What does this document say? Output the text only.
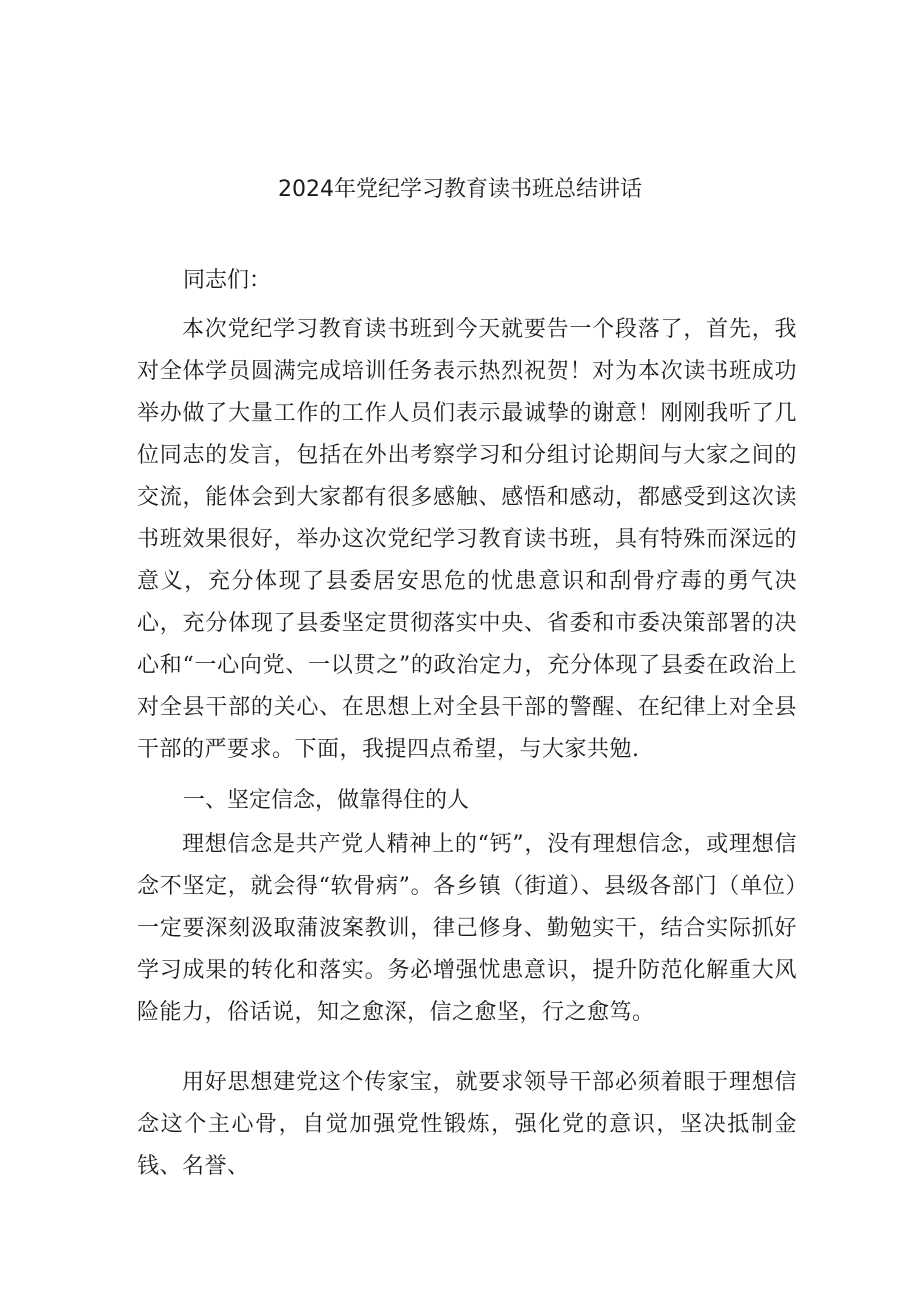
2024年党纪学习教育读书班总结讲话
同志们：

本次党纪学习教育读书班到今天就要告一个段落了，首先，我对全体学员圆满完成培训任务表示热烈祝贺！对为本次读书班成功举办做了大量工作的工作人员们表示最诚挚的谢意！刚刚我听了几位同志的发言，包括在外出考察学习和分组讨论期间与大家之间的交流，能体会到大家都有很多感触、感悟和感动，都感受到这次读书班效果很好，举办这次党纪学习教育读书班，具有特殊而深远的意义，充分体现了县委居安思危的忧患意识和刮骨疗毒的勇气决心，充分体现了县委坚定贯彻落实中央、省委和市委决策部署的决心和“一心向党、一以贯之”的政治定力，充分体现了县委在政治上对全县干部的关心、在思想上对全县干部的警醒、在纪律上对全县干部的严要求。下面，我提四点希望，与大家共勉.

一、坚定信念，做靠得住的人

理想信念是共产党人精神上的“钙”，没有理想信念，或理想信念不坚定，就会得“软骨病”。各乡镇（街道）、县级各部门（单位）一定要深刻汲取蒲波案教训，律己修身、勤勉实干，结合实际抓好学习成果的转化和落实。务必增强忧患意识，提升防范化解重大风险能力，俗话说，知之愈深，信之愈坚，行之愈笃。

用好思想建党这个传家宝，就要求领导干部必须着眼于理想信念这个主心骨，自觉加强党性锻炼，强化党的意识，坚决抵制金钱、名誉、
